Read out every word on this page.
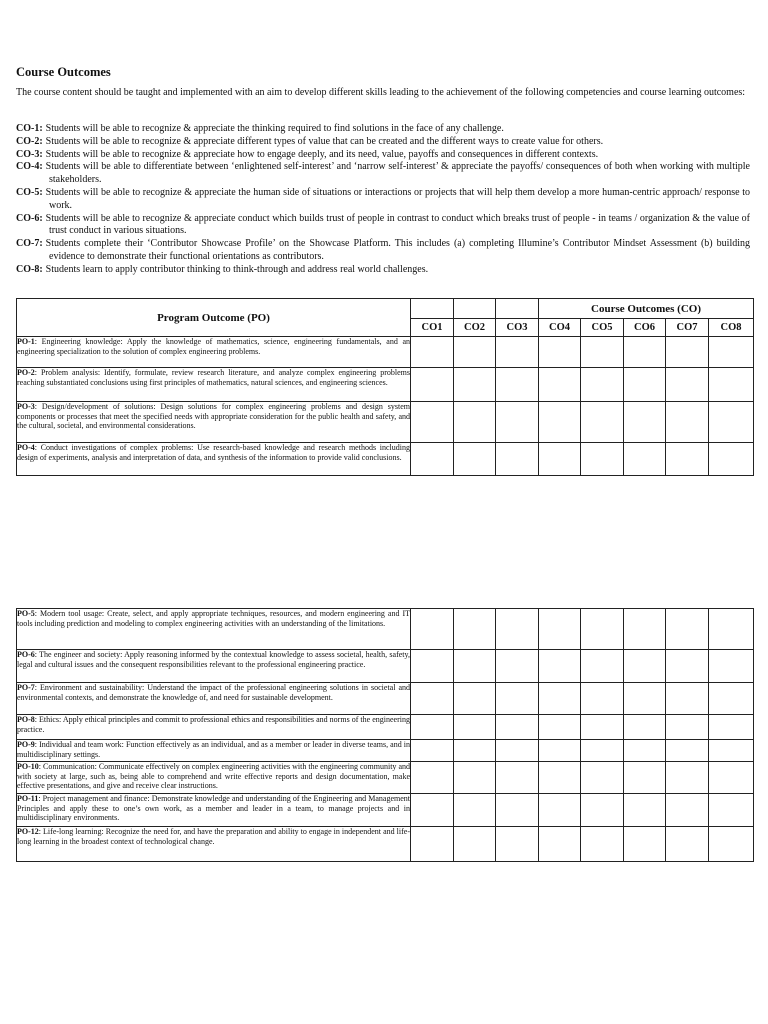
Course Outcomes
The course content should be taught and implemented with an aim to develop different skills leading to the achievement of the following competencies and course learning outcomes:
CO-1: Students will be able to recognize & appreciate the thinking required to find solutions in the face of any challenge.
CO-2: Students will be able to recognize & appreciate different types of value that can be created and the different ways to create value for others.
CO-3: Students will be able to recognize & appreciate how to engage deeply, and its need, value, payoffs and consequences in different contexts.
CO-4: Students will be able to differentiate between ‘enlightened self-interest’ and ‘narrow self-interest’ & appreciate the payoffs/ consequences of both when working with multiple stakeholders.
CO-5: Students will be able to recognize & appreciate the human side of situations or interactions or projects that will help them develop a more human-centric approach/ response to work.
CO-6: Students will be able to recognize & appreciate conduct which builds trust of people in contrast to conduct which breaks trust of people - in teams / organization & the value of trust conduct in various situations.
CO-7: Students complete their ‘Contributor Showcase Profile’ on the Showcase Platform. This includes (a) completing Illumine’s Contributor Mindset Assessment (b) building evidence to demonstrate their functional orientations as contributors.
CO-8: Students learn to apply contributor thinking to think-through and address real world challenges.
Program Outcome (PO)				Course Outcomes (CO)				
	CO1	CO2	CO3	CO4	CO5	CO6	CO7	CO8
PO-1: Engineering knowledge: Apply the knowledge of mathematics, science, engineering fundamentals, and an engineering specialization to the solution of complex engineering problems.								
PO-2: Problem analysis: Identify, formulate, review research literature, and analyze complex engineering problems reaching substantiated conclusions using first principles of mathematics, natural sciences, and engineering sciences.								
PO-3: Design/development of solutions: Design solutions for complex engineering problems and design system components or processes that meet the specified needs with appropriate consideration for the public health and safety, and the cultural, societal, and environmental considerations.								
PO-4: Conduct investigations of complex problems: Use research-based knowledge and research methods including design of experiments, analysis and interpretation of data, and synthesis of the information to provide valid conclusions.								
PO-5: Modern tool usage: Create, select, and apply appropriate techniques, resources, and modern engineering and IT tools including prediction and modeling to complex engineering activities with an understanding of the limitations.								
PO-6: The engineer and society: Apply reasoning informed by the contextual knowledge to assess societal, health, safety, legal and cultural issues and the consequent responsibilities relevant to the professional engineering practice.								
PO-7: Environment and sustainability: Understand the impact of the professional engineering solutions in societal and environmental contexts, and demonstrate the knowledge of, and need for sustainable development.								
PO-8: Ethics: Apply ethical principles and commit to professional ethics and responsibilities and norms of the engineering practice.								
PO-9: Individual and team work: Function effectively as an individual, and as a member or leader in diverse teams, and in multidisciplinary settings.								
PO-10: Communication: Communicate effectively on complex engineering activities with the engineering community and with society at large, such as, being able to comprehend and write effective reports and design documentation, make effective presentations, and give and receive clear instructions.								
PO-11: Project management and finance: Demonstrate knowledge and understanding of the Engineering and Management Principles and apply these to one’s own work, as a member and leader in a team, to manage projects and in multidisciplinary environments.								
PO-12: Life-long learning: Recognize the need for, and have the preparation and ability to engage in independent and life-long learning in the broadest context of technological change.								
